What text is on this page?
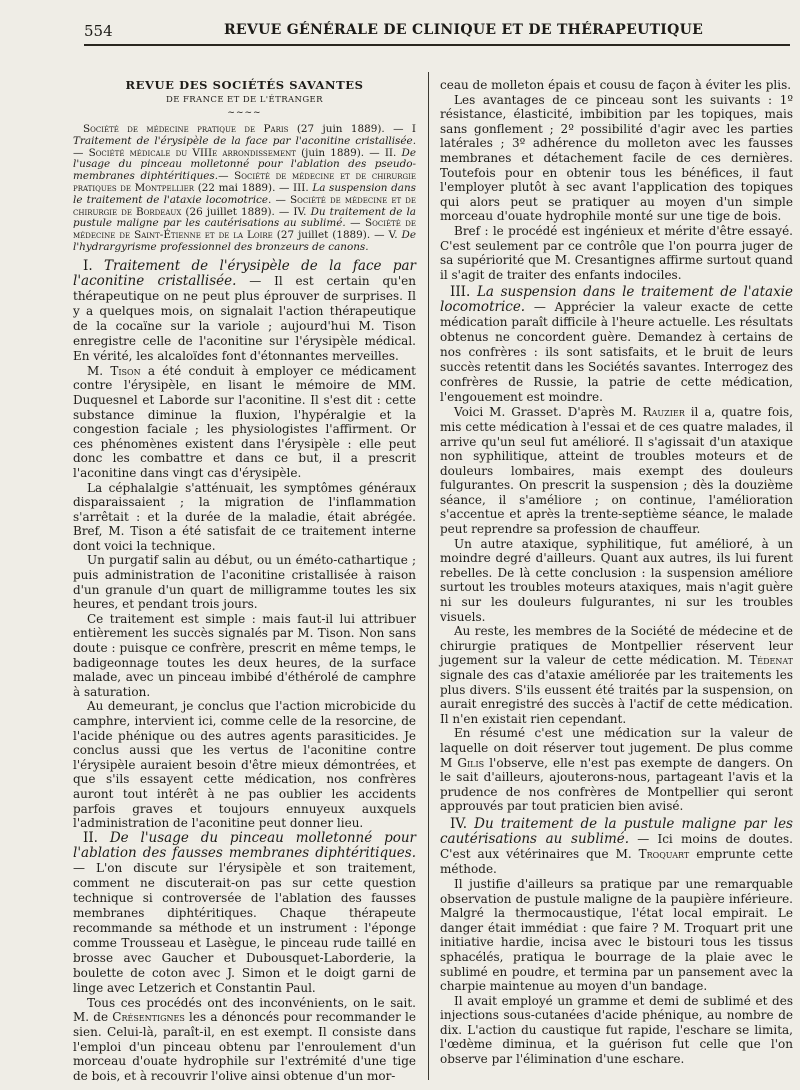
554	REVUE GÉNÉRALE DE CLINIQUE ET DE THÉRAPEUTIQUE
REVUE DES SOCIÉTÉS SAVANTES
DE FRANCE ET DE L'ÉTRANGER
~~~~

Société de médecine pratique de Paris (27 juin 1889). — I Traitement de l'érysipèle de la face par l'aconitine cristallisée. — Société médicale du VIIIe arrondissement (juin 1889). — II. De l'usage du pinceau molletonné pour l'ablation des pseudo-membranes diphtéritiques.— Société de médecine et de chirurgie pratiques de Montpellier (22 mai 1889). — III. La suspension dans le traitement de l'ataxie locomotrice. — Société de médecine et de chirurgie de Bordeaux (26 juillet 1889). — IV. Du traitement de la pustule maligne par les cautérisations au sublimé. — Société de médecine de Saint-Étienne et de la Loire (27 juillet (1889). — V. De l'hydrargyrisme professionnel des bronzeurs de canons.

I. Traitement de l'érysipèle de la face par l'aconitine cristallisée. — Il est certain qu'en thérapeutique on ne peut plus éprouver de surprises. Il y a quelques mois, on signalait l'action thérapeutique de la cocaïne sur la variole ; aujourd'hui M. Tison enregistre celle de l'aconitine sur l'érysipèle médical. En vérité, les alcaloïdes font d'étonnantes merveilles.

M. Tison a été conduit à employer ce médicament contre l'érysipèle, en lisant le mémoire de MM. Duquesnel et Laborde sur l'aconitine. Il s'est dit : cette substance diminue la fluxion, l'hypéralgie et la congestion faciale ; les physiologistes l'affirment. Or ces phénomènes existent dans l'érysipèle : elle peut donc les combattre et dans ce but, il a prescrit l'aconitine dans vingt cas d'érysipèle.

La céphalalgie s'atténuait, les symptômes généraux disparaissaient ; la migration de l'inflammation s'arrêtait : et la durée de la maladie, était abrégée. Bref, M. Tison a été satisfait de ce traitement interne dont voici la technique.

Un purgatif salin au début, ou un éméto-cathartique ; puis administration de l'aconitine cristallisée à raison d'un granule d'un quart de milligramme toutes les six heures, et pendant trois jours.

Ce traitement est simple : mais faut-il lui attribuer entièrement les succès signalés par M. Tison. Non sans doute : puisque ce confrère, prescrit en même temps, le badigeonnage toutes les deux heures, de la surface malade, avec un pinceau imbibé d'éthérolé de camphre à saturation.

Au demeurant, je conclus que l'action microbicide du camphre, intervient ici, comme celle de la resorcine, de l'acide phénique ou des autres agents parasiticides. Je conclus aussi que les vertus de l'aconitine contre l'érysipèle auraient besoin d'être mieux démontrées, et que s'ils essayent cette médication, nos confrères auront tout intérêt à ne pas oublier les accidents parfois graves et toujours ennuyeux auxquels l'administration de l'aconitine peut donner lieu.

II. De l'usage du pinceau molletonné pour l'ablation des fausses membranes diphtéritiques. — L'on discute sur l'érysipèle et son traitement, comment ne discuterait-on pas sur cette question technique si controversée de l'ablation des fausses membranes diphtéritiques. Chaque thérapeute recommande sa méthode et un instrument : l'éponge comme Trousseau et Lasègue, le pinceau rude taillé en brosse avec Gaucher et Dubousquet-Laborderie, la boulette de coton avec J. Simon et le doigt garni de linge avec Letzerich et Constantin Paul.

Tous ces procédés ont des inconvénients, on le sait. M. de Crésentignes les a dénoncés pour recommander le sien. Celui-là, paraît-il, en est exempt. Il consiste dans l'emploi d'un pinceau obtenu par l'enroulement d'un morceau d'ouate hydrophile sur l'extrémité d'une tige de bois, et à recouvrir l'olive ainsi obtenue d'un mor-

ceau de molleton épais et cousu de façon à éviter les plis.

Les avantages de ce pinceau sont les suivants : 1º résistance, élasticité, imbibition par les topiques, mais sans gonflement ; 2º possibilité d'agir avec les parties latérales ; 3º adhérence du molleton avec les fausses membranes et détachement facile de ces dernières. Toutefois pour en obtenir tous les bénéfices, il faut l'employer plutôt à sec avant l'application des topiques qui alors peut se pratiquer au moyen d'un simple morceau d'ouate hydrophile monté sur une tige de bois.

Bref : le procédé est ingénieux et mérite d'être essayé. C'est seulement par ce contrôle que l'on pourra juger de sa supériorité que M. Cresantignes affirme surtout quand il s'agit de traiter des enfants indociles.

III. La suspension dans le traitement de l'ataxie locomotrice. — Apprécier la valeur exacte de cette médication paraît difficile à l'heure actuelle. Les résultats obtenus ne concordent guère. Demandez à certains de nos confrères : ils sont satisfaits, et le bruit de leurs succès retentit dans les Sociétés savantes. Interrogez des confrères de Russie, la patrie de cette médication, l'engouement est moindre.

Voici M. Grasset. D'après M. Rauzier il a, quatre fois, mis cette médication à l'essai et de ces quatre malades, il arrive qu'un seul fut amélioré. Il s'agissait d'un ataxique non syphilitique, atteint de troubles moteurs et de douleurs lombaires, mais exempt des douleurs fulgurantes. On prescrit la suspension ; dès la douzième séance, il s'améliore ; on continue, l'amélioration s'accentue et après la trente-septième séance, le malade peut reprendre sa profession de chauffeur.

Un autre ataxique, syphilitique, fut amélioré, à un moindre degré d'ailleurs. Quant aux autres, ils lui furent rebelles. De là cette conclusion : la suspension améliore surtout les troubles moteurs ataxiques, mais n'agit guère ni sur les douleurs fulgurantes, ni sur les troubles visuels.

Au reste, les membres de la Société de médecine et de chirurgie pratiques de Montpellier réservent leur jugement sur la valeur de cette médication. M. Tédenat signale des cas d'ataxie améliorée par les traitements les plus divers. S'ils eussent été traités par la suspension, on aurait enregistré des succès à l'actif de cette médication. Il n'en existait rien cependant.

En résumé c'est une médication sur la valeur de laquelle on doit réserver tout jugement. De plus comme M Gilis l'observe, elle n'est pas exempte de dangers. On le sait d'ailleurs, ajouterons-nous, partageant l'avis et la prudence de nos confrères de Montpellier qui seront approuvés par tout praticien bien avisé.

IV. Du traitement de la pustule maligne par les cautérisations au sublimé. — Ici moins de doutes. C'est aux vétérinaires que M. Troquart emprunte cette méthode.

Il justifie d'ailleurs sa pratique par une remarquable observation de pustule maligne de la paupière inférieure. Malgré la thermocaustique, l'état local empirait. Le danger était immédiat : que faire ? M. Troquart prit une initiative hardie, incisa avec le bistouri tous les tissus sphacélés, pratiqua le bourrage de la plaie avec le sublimé en poudre, et termina par un pansement avec la charpie maintenue au moyen d'un bandage.

Il avait employé un gramme et demi de sublimé et des injections sous-cutanées d'acide phénique, au nombre de dix. L'action du caustique fut rapide, l'eschare se limita, l'œdème diminua, et la guérison fut celle que l'on observe par l'élimination d'une eschare.
